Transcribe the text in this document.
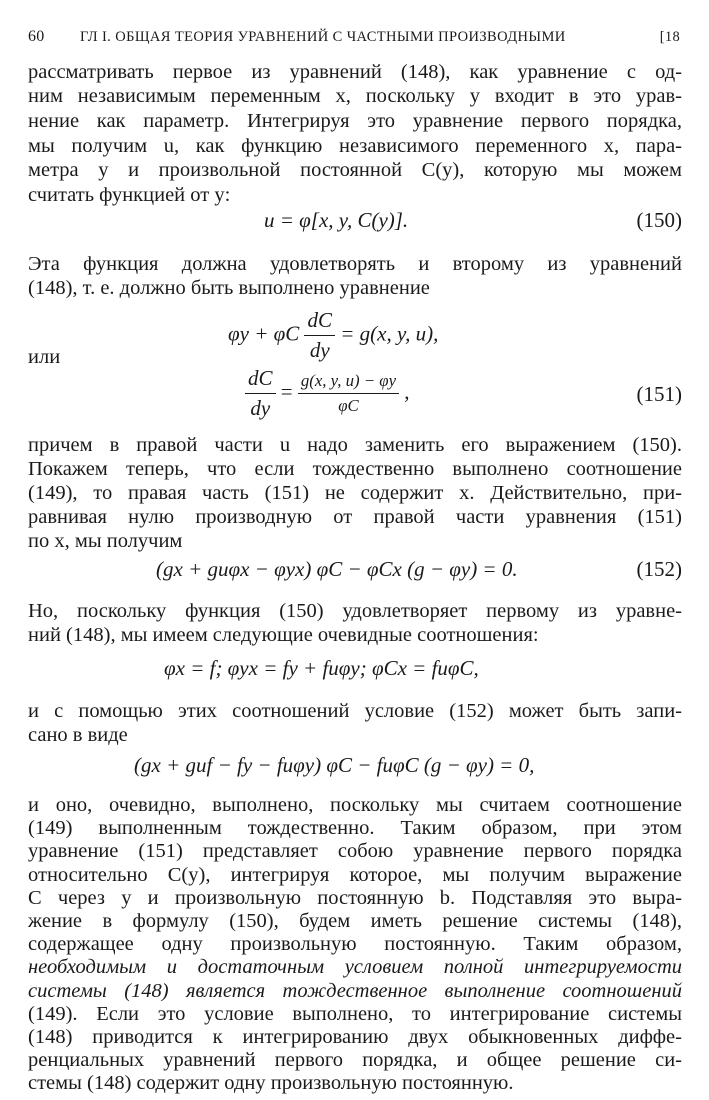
60 ГЛ I. ОБЩАЯ ТЕОРИЯ УРАВНЕНИЙ С ЧАСТНЫМИ ПРОИЗВОДНЫМИ	[18
рассматривать первое из уравнений (148), как уравнение с од-
ним независимым переменным x, поскольку y входит в это урав-
нение как параметр. Интегрируя это уравнение первого порядка,
мы получим u, как функцию независимого переменного x, пара-
метра y и произвольной постоянной C(y), которую мы можем
считать функцией от y:
u = φ[x, y, C(y)].	(150)
Эта функция должна удовлетворять и второму из уравнений
(148), т. е. должно быть выполнено уравнение
φy + φC $\frac{dC}{dy} = g(x$, y, u),
или
$\frac{dC}{dy} = \frac{g(x, y, u) - \varphi y}{\varphi C}$ ,	(151)
причем в правой части u надо заменить его выражением (150).
Покажем теперь, что если тождественно выполнено соотношение
(149), то правая часть (151) не содержит x. Действительно, при-
равнивая нулю производную от правой части уравнения (151)
по x, мы получим
(gx + guφx − φyx) φC − φCx (g − φy) = 0.	(152)
Но, поскольку функция (150) удовлетворяет первому из уравне-
ний (148), мы имеем следующие очевидные соотношения:
φx = f; φyx = fy + fuφy; φCx = fuφC,
и с помощью этих соотношений условие (152) может быть запи-
сано в виде
(gx + guf − fy − fuφy) φC − fuφC (g − φy) = 0,
и оно, очевидно, выполнено, поскольку мы считаем соотношение
(149) выполненным тождественно. Таким образом, при этом
уравнение (151) представляет собою уравнение первого порядка
относительно C(y), интегрируя которое, мы получим выражение
C через y и произвольную постоянную b. Подставляя это выра-
жение в формулу (150), будем иметь решение системы (148),
содержащее одну произвольную постоянную. Таким образом,
необходимым и достаточным условием полной интегрируемости
системы (148) является тождественное выполнение соотношений
(149). Если это условие выполнено, то интегрирование системы
(148) приводится к интегрированию двух обыкновенных диффе-
ренциальных уравнений первого порядка, и общее решение си-
стемы (148) содержит одну произвольную постоянную.
